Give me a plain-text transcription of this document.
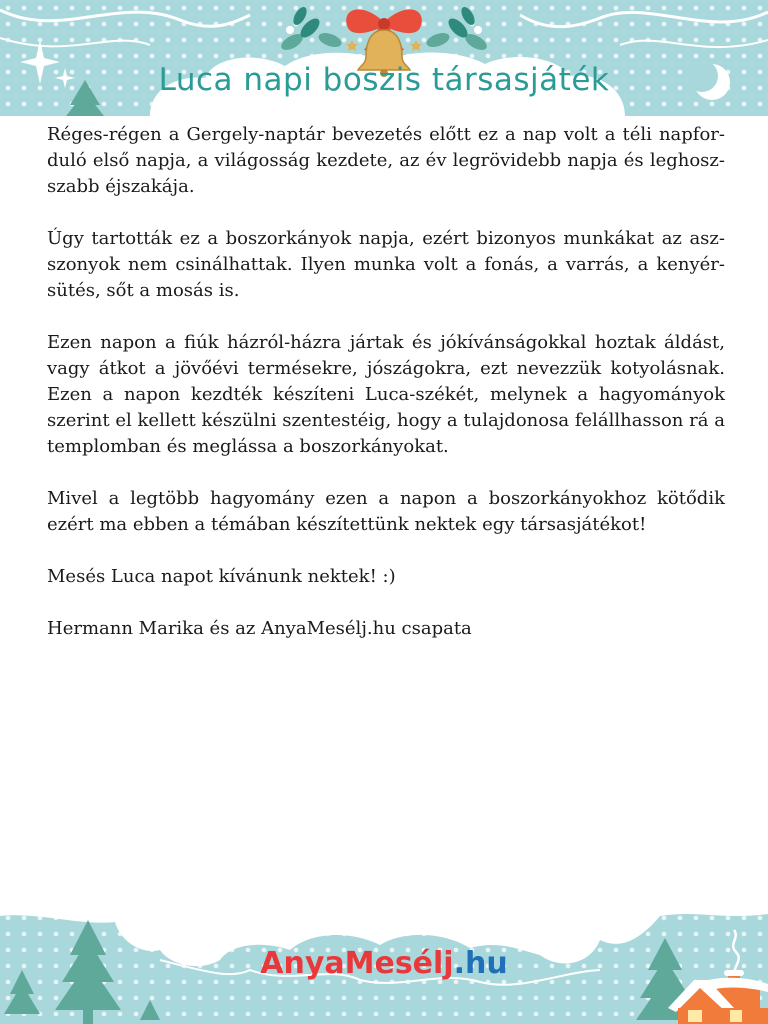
Luca napi boszis társasjáték

Réges-régen a Gergely-naptár bevezetés előtt ez a nap volt a téli napforduló első napja, a világosság kezdete, az év legrövidebb napja és leghoszszabb éjszakája.

Úgy tartották ez a boszorkányok napja, ezért bizonyos munkákat az aszszonyok nem csinálhattak. Ilyen munka volt a fonás, a varrás, a kenyérsütés, sőt a mosás is.

Ezen napon a fiúk házról-házra jártak és jókívánságokkal hoztak áldást, vagy átkot a jövőévi termésekre, jószágokra, ezt nevezzük kotyolásnak. Ezen a napon kezdték készíteni Luca-székét, melynek a hagyományok szerint el kellett készülni szentestéig, hogy a tulajdonosa felállhasson rá a templomban és meglássa a boszorkányokat.

Mivel a legtöbb hagyomány ezen a napon a boszorkányokhoz kötődik ezért ma ebben a témában készítettünk nektek egy társasjátékot!

Mesés Luca napot kívánunk nektek! :)

Hermann Marika és az AnyaMesélj.hu csapata

AnyaMesélj.hu
